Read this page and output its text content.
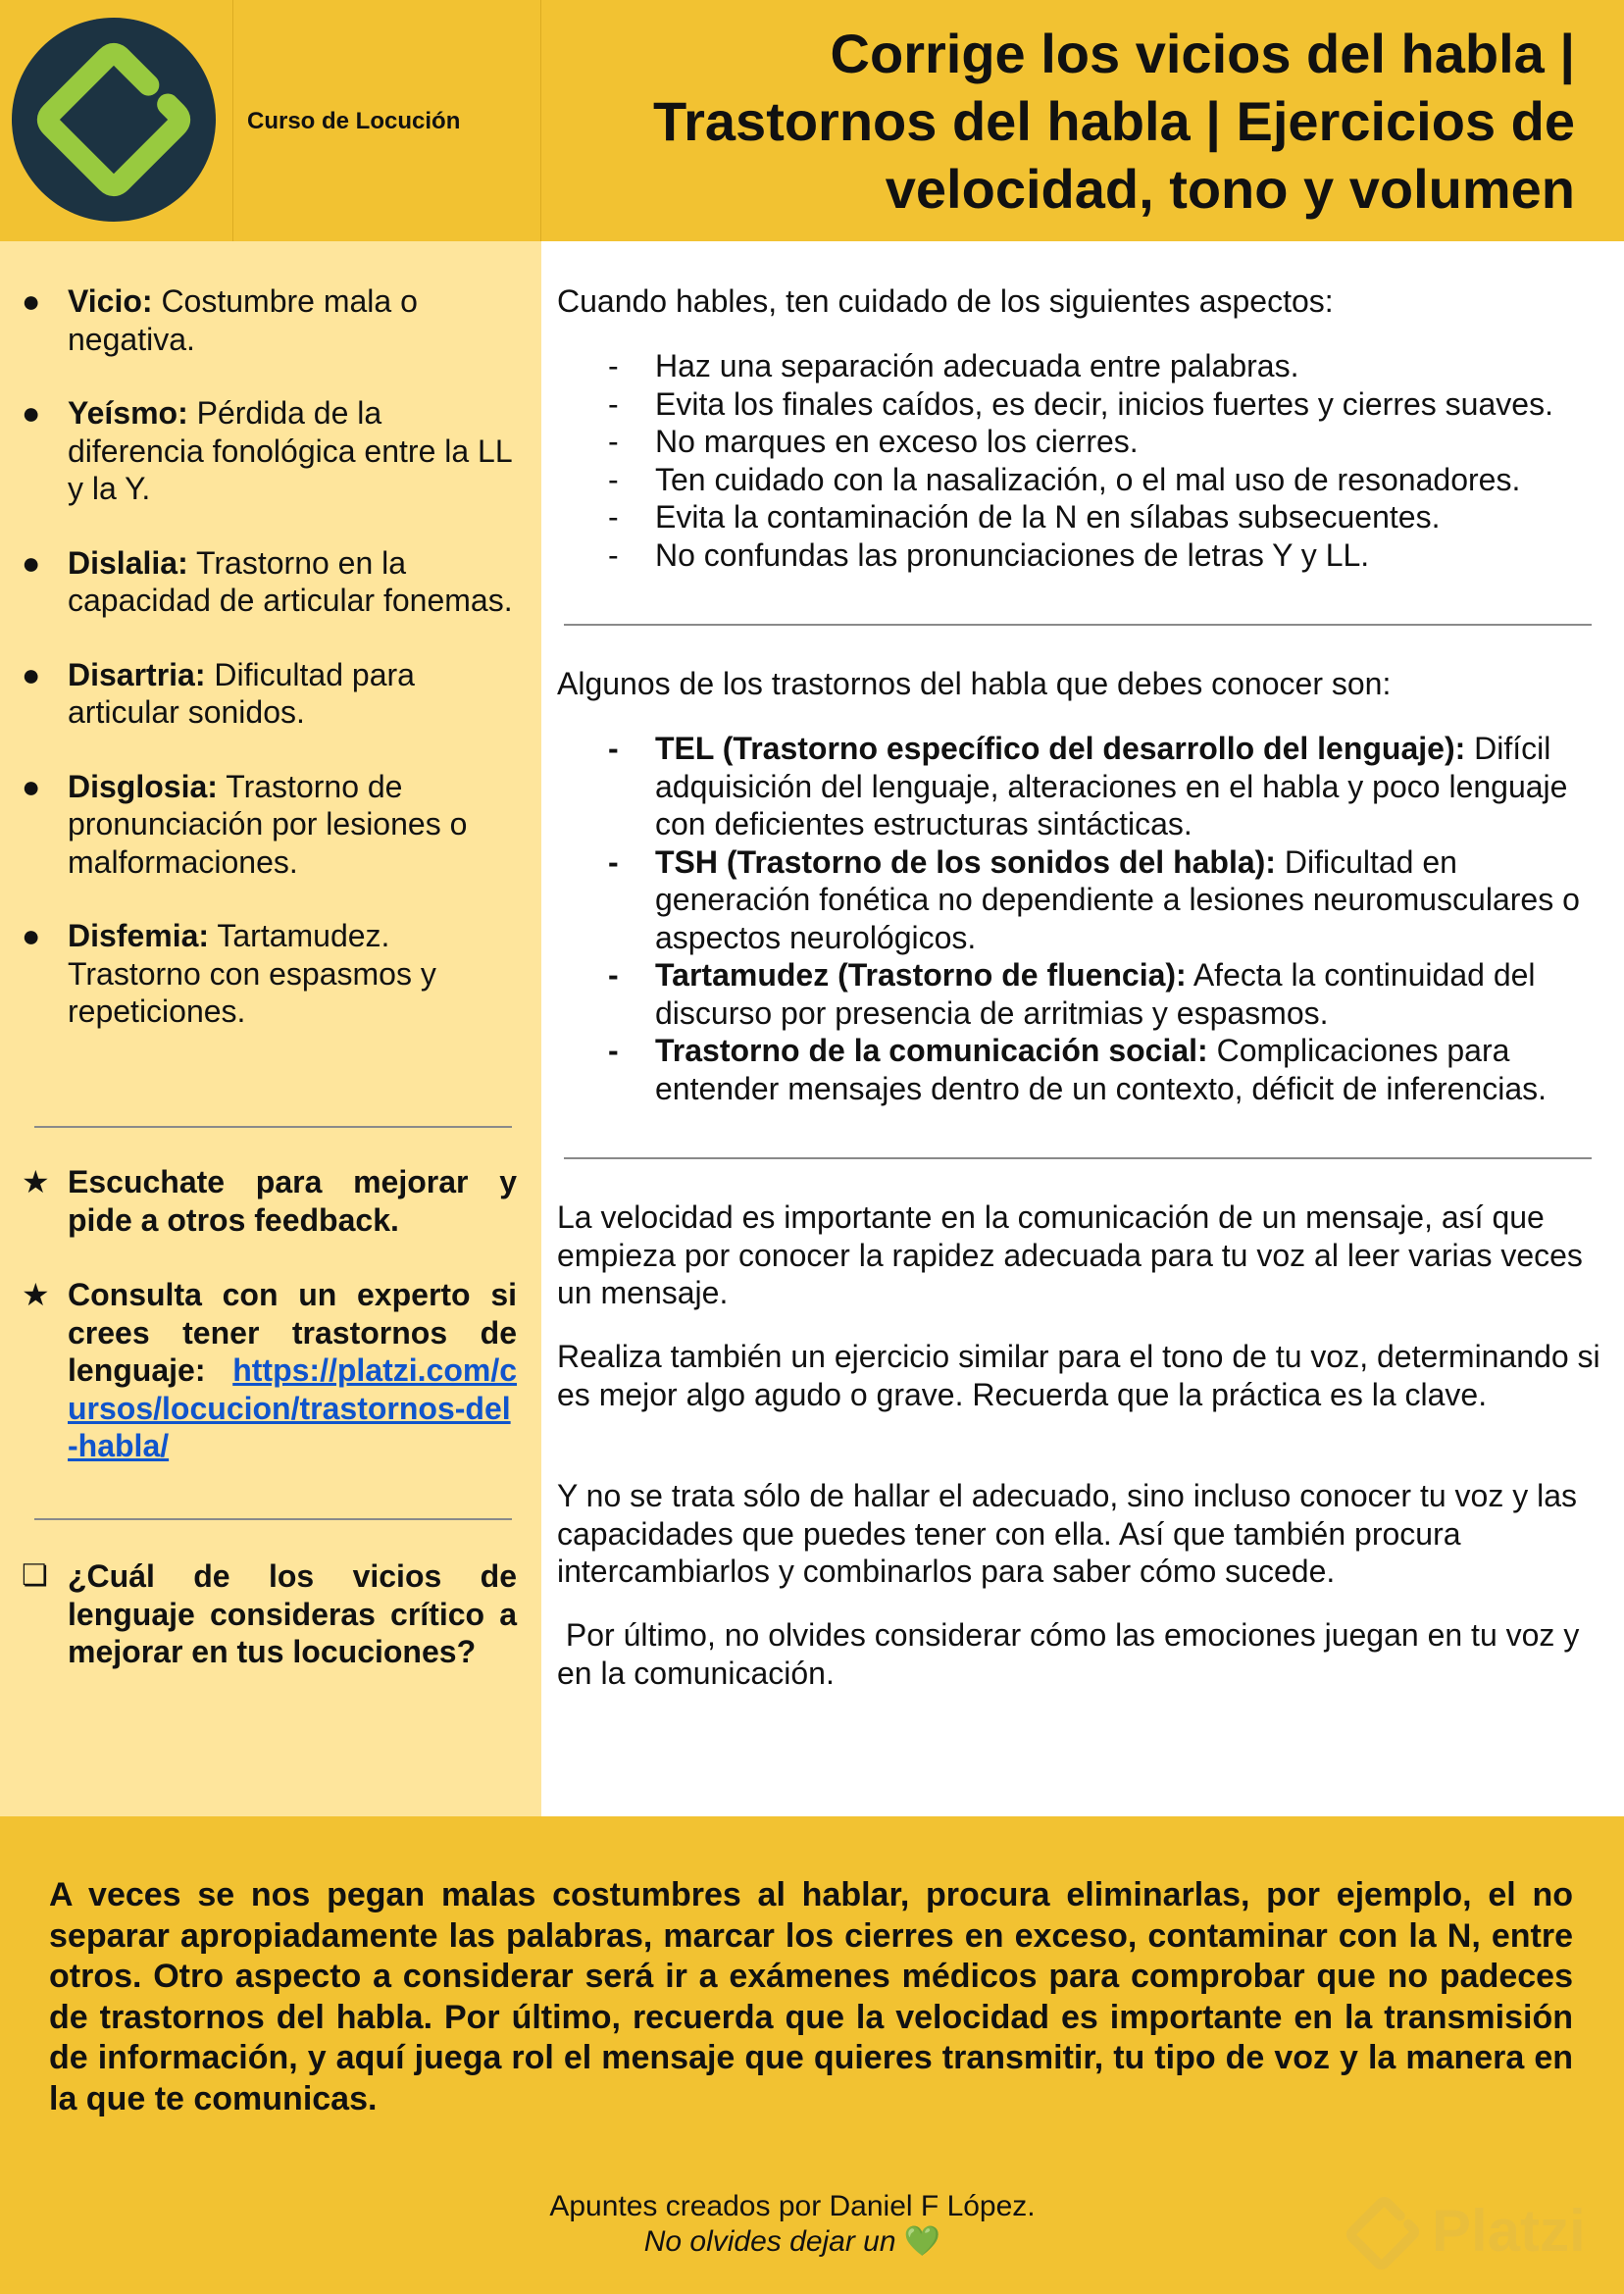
Curso de Locución
Corrige los vicios del habla | Trastornos del habla | Ejercicios de velocidad, tono y volumen
● Vicio: Costumbre mala o negativa.
● Yeísmo: Pérdida de la diferencia fonológica entre la LL y la Y.
● Dislalia: Trastorno en la capacidad de articular fonemas.
● Disartria: Dificultad para articular sonidos.
● Disglosia: Trastorno de pronunciación por lesiones o malformaciones.
● Disfemia: Tartamudez. Trastorno con espasmos y repeticiones.
★ Escuchate para mejorar y pide a otros feedback.
★ Consulta con un experto si crees tener trastornos de lenguaje: https://platzi.com/cursos/locucion/trastornos-del-habla/
❏ ¿Cuál de los vicios de lenguaje consideras crítico a mejorar en tus locuciones?

Cuando hables, ten cuidado de los siguientes aspectos:

- Haz una separación adecuada entre palabras.
- Evita los finales caídos, es decir, inicios fuertes y cierres suaves.
- No marques en exceso los cierres.
- Ten cuidado con la nasalización, o el mal uso de resonadores.
- Evita la contaminación de la N en sílabas subsecuentes.
- No confundas las pronunciaciones de letras Y y LL.

Algunos de los trastornos del habla que debes conocer son:

- TEL (Trastorno específico del desarrollo del lenguaje): Difícil adquisición del lenguaje, alteraciones en el habla y poco lenguaje con deficientes estructuras sintácticas.
- TSH (Trastorno de los sonidos del habla): Dificultad en generación fonética no dependiente a lesiones neuromusculares o aspectos neurológicos.
- Tartamudez (Trastorno de fluencia): Afecta la continuidad del discurso por presencia de arritmias y espasmos.
- Trastorno de la comunicación social: Complicaciones para entender mensajes dentro de un contexto, déficit de inferencias.

La velocidad es importante en la comunicación de un mensaje, así que empieza por conocer la rapidez adecuada para tu voz al leer varias veces un mensaje.

Realiza también un ejercicio similar para el tono de tu voz, determinando si es mejor algo agudo o grave. Recuerda que la práctica es la clave.

Y no se trata sólo de hallar el adecuado, sino incluso conocer tu voz y las capacidades que puedes tener con ella. Así que también procura intercambiarlos y combinarlos para saber cómo sucede.

Por último, no olvides considerar cómo las emociones juegan en tu voz y en la comunicación.

A veces se nos pegan malas costumbres al hablar, procura eliminarlas, por ejemplo, el no separar apropiadamente las palabras, marcar los cierres en exceso, contaminar con la N, entre otros. Otro aspecto a considerar será ir a exámenes médicos para comprobar que no padeces de trastornos del habla. Por último, recuerda que la velocidad es importante en la transmisión de información, y aquí juega rol el mensaje que quieres transmitir, tu tipo de voz y la manera en la que te comunicas.

Apuntes creados por Daniel F López.
No olvides dejar un 💚	Platzi
